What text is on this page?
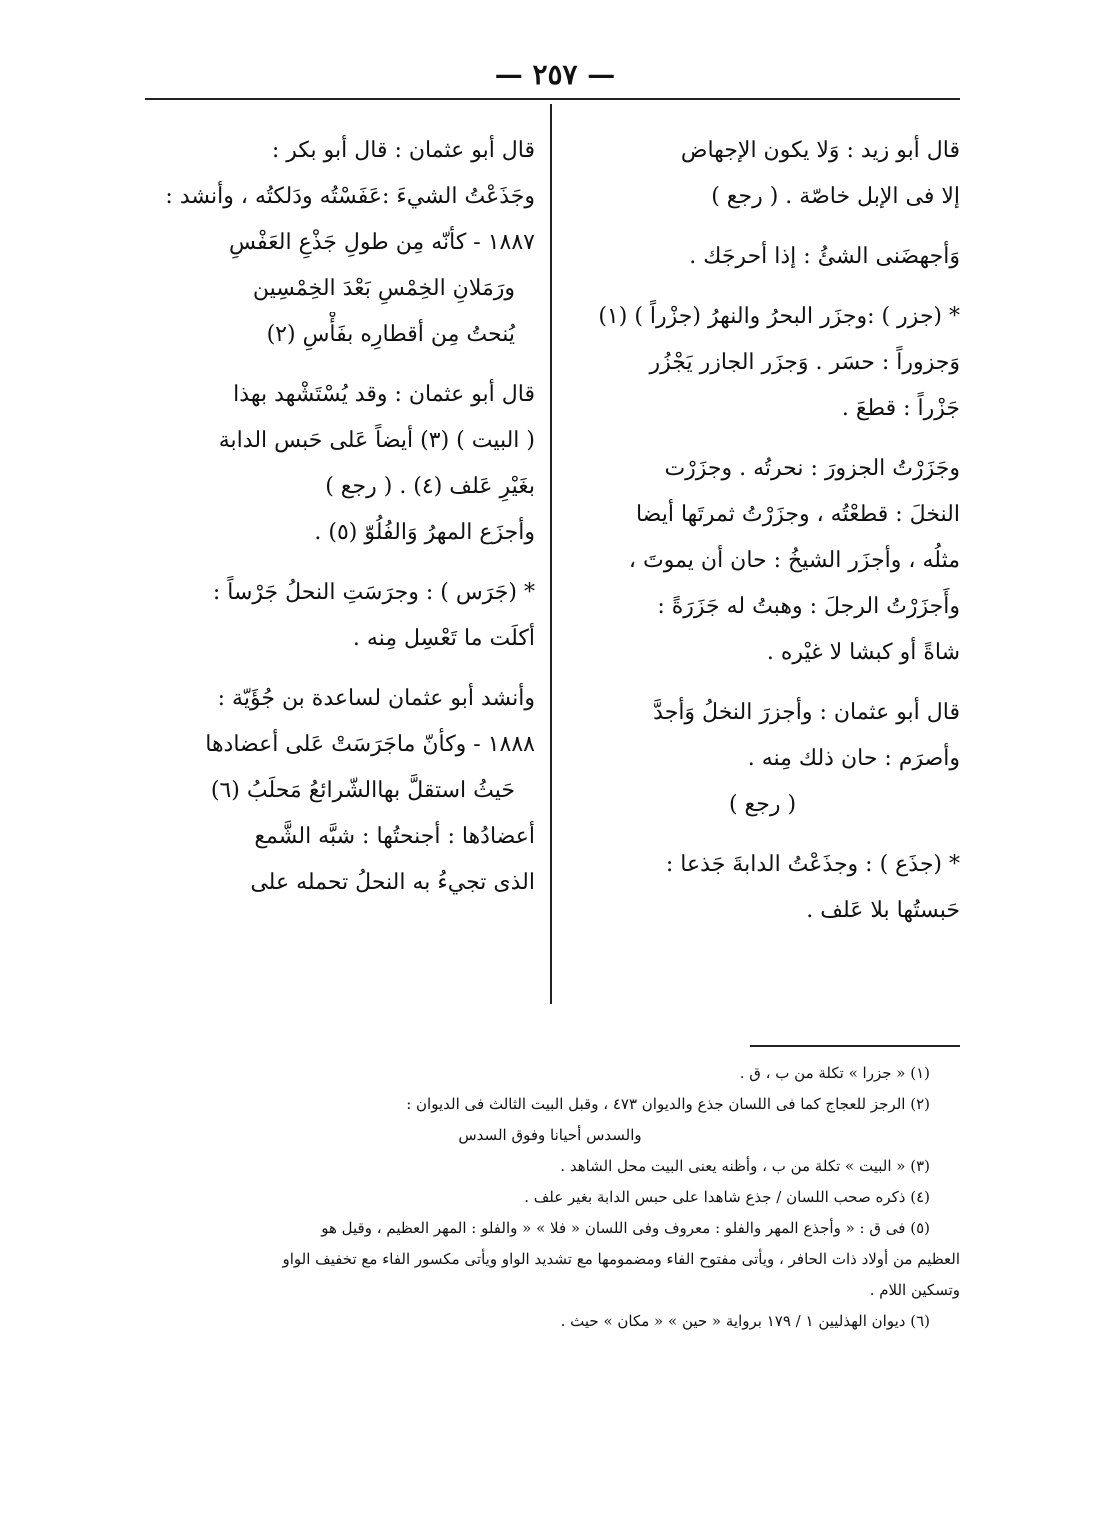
— ٢٥٧ —
قال أبو زيد : وَلا يكون الإجهاض
إلا فى الإبل خاصّة . ( رجع )
وَأجهضَنى الشئُ : إذا أحرجَك .
* (جزر ) :وجزَر البحرُ والنهرُ (جزْراً ) (١)
وَجزوراً : حسَر . وَجزَر الجازر يَجْزُر
جَزْراً : قطعَ .
وجَزَرْتُ الجزورَ : نحرتُه . وجزَرْت
النخلَ : قطعْتُه ، وجزَرْتُ ثمرتَها أيضا
مثلُه ، وأجزَر الشيخُ : حان أن يموتَ ،
وأَجزَرْتُ الرجلَ : وهبتُ له جَزَرَةً :
شاةً أو كبشا لا غيْره .
قال أبو عثمان : وأجزرَ النخلُ وَأجدَّ
وأصرَم : حان ذلك مِنه .
( رجع )
* (جذَع ) : وجذَعْتُ الدابةَ جَذعا :
حَبستُها بلا عَلف .
قال أبو عثمان : قال أبو بكر :
وجَذَعْتُ الشيءَ :عَفَسْتُه ودَلكتُه ، وأنشد :
١٨٨٧ - كأنّه مِن طولِ جَذْعِ العَفْسِ
ورَمَلانِ الخِمْسِ بَعْدَ الخِمْسِين
يُنحتُ مِن أقطارِه بفَأْسِ (٢)
قال أبو عثمان : وقد يُسْتَشْهد بهذا
( البيت ) (٣) أيضاً عَلى حَبس الدابة
بغَيْرِ عَلف (٤) . ( رجع )
وأجزَع المهرُ وَالفُلُوّ (٥) .
* (جَرَس ) : وجرَسَتِ النحلُ جَرْساً :
أكلَت ما تَعْسِل مِنه .
وأنشد أبو عثمان لساعدة بن جُؤَيّة :
١٨٨٨ - وكأنّ ماجَرَسَتْ عَلى أعضادها
حَيثُ استقلَّ بهاالشّرائعُ مَحلَبُ (٦)
أعضادُها : أجنحتُها : شبَّه الشَّمع
الذى تجيءُ به النحلُ تحمله على
(١) « جزرا » تكلة من ب ، ق .
(٢) الرجز للعجاج كما فى اللسان جذع والديوان ٤٧٣ ، وقبل البيت الثالث فى الديوان :
والسدس أحيانا وفوق السدس
(٣) « البيت » تكلة من ب ، وأظنه يعنى البيت محل الشاهد .
(٤) ذكره صحب اللسان / جذع شاهدا على حبس الدابة بغير علف .
(٥) فى ق : « وأجذع المهر والفلو : معروف وفى اللسان « فلا » « والفلو : المهر العظيم ، وقيل هو
العظيم من أولاد ذات الحافر ، ويأتى مفتوح الفاء ومضمومها مع تشديد الواو ويأتى مكسور الفاء مع تخفيف الواو
وتسكين اللام .
(٦) ديوان الهذليين ١ / ١٧٩ برواية « حين » « مكان » حيث .
